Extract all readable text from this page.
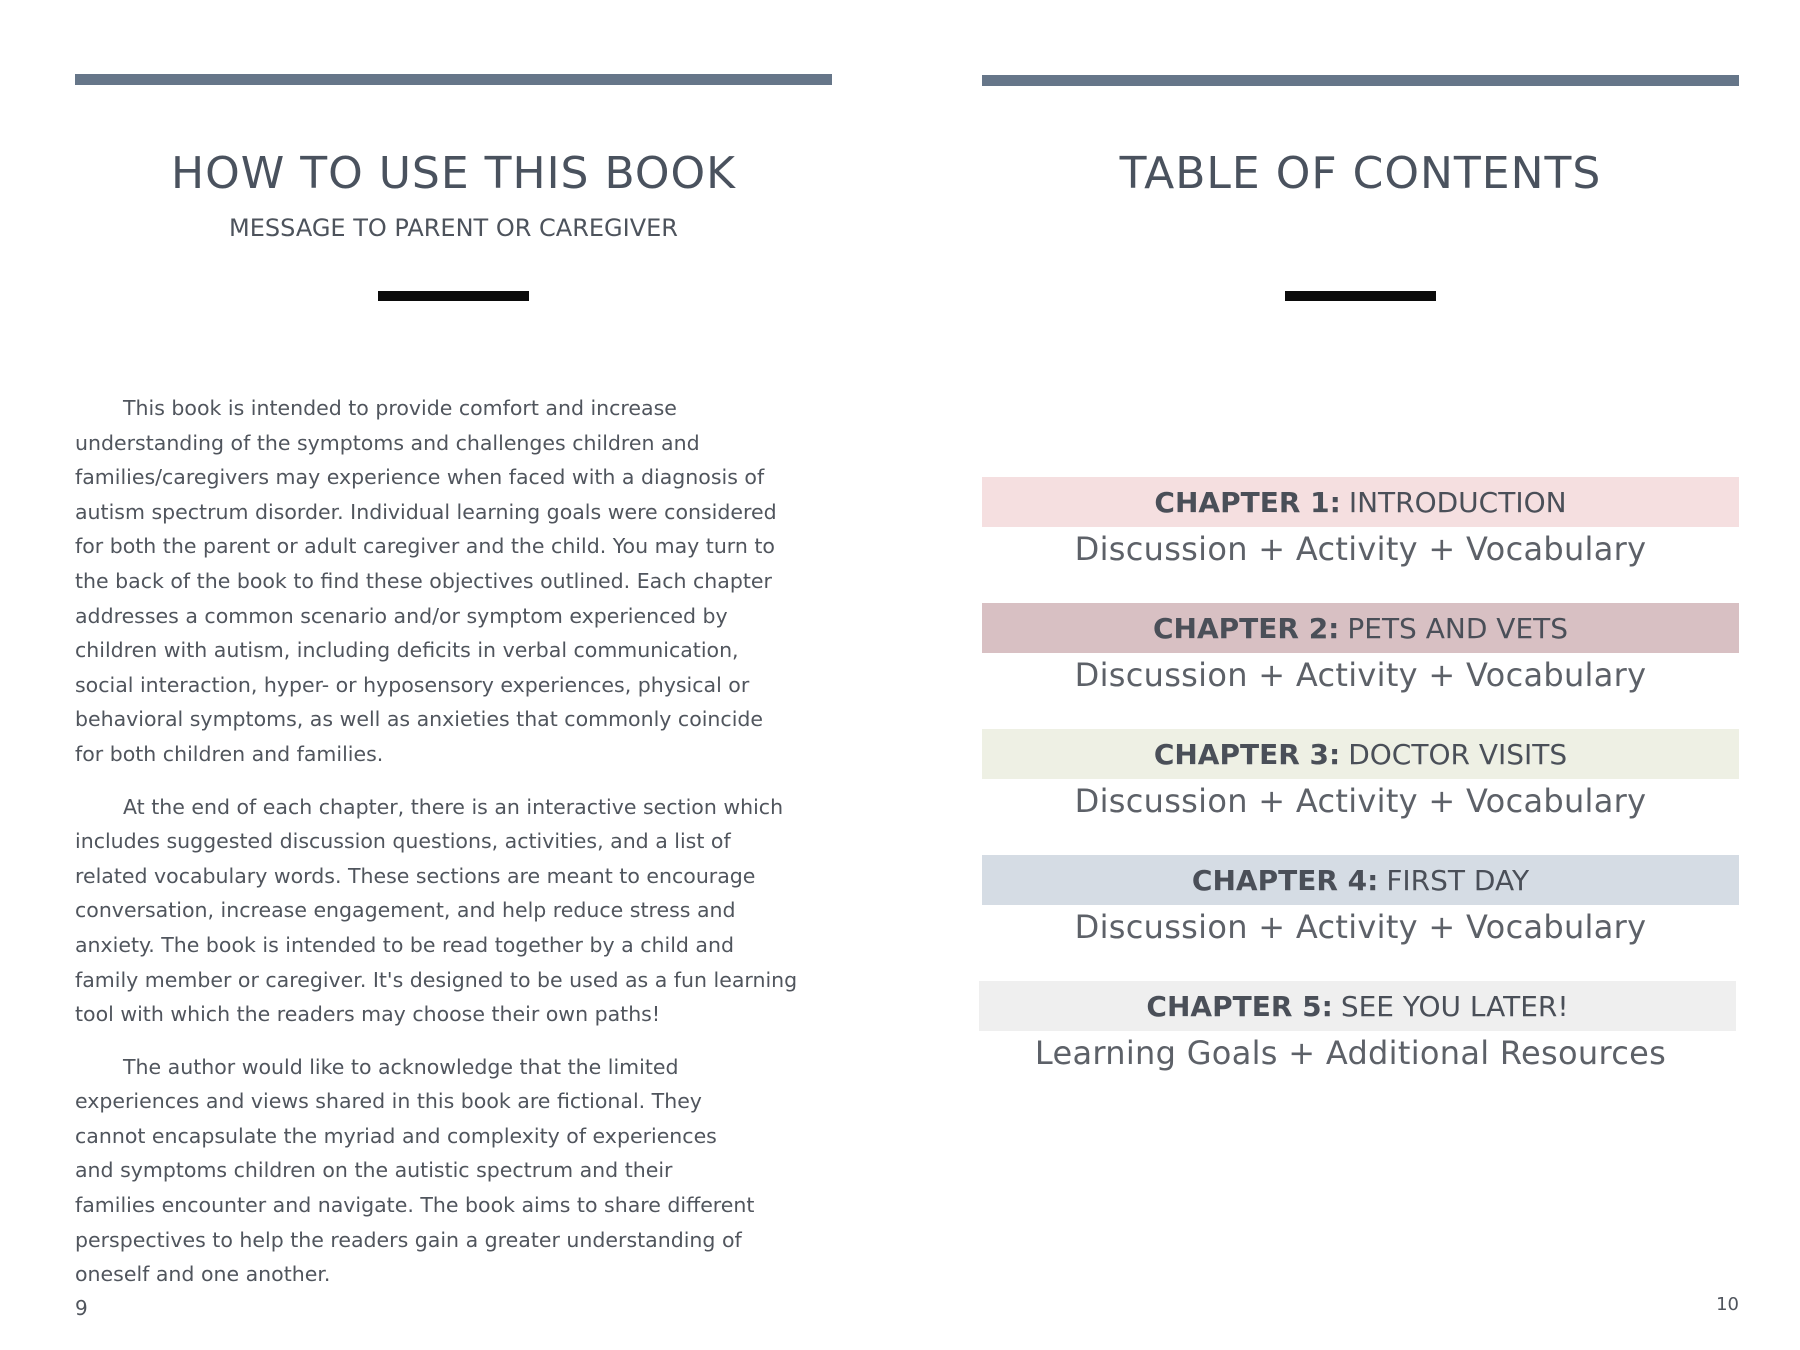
HOW TO USE THIS BOOK
MESSAGE TO PARENT OR CAREGIVER

This book is intended to provide comfort and increase
understanding of the symptoms and challenges children and
families/caregivers may experience when faced with a diagnosis of
autism spectrum disorder. Individual learning goals were considered
for both the parent or adult caregiver and the child. You may turn to
the back of the book to find these objectives outlined. Each chapter
addresses a common scenario and/or symptom experienced by
children with autism, including deficits in verbal communication,
social interaction, hyper- or hyposensory experiences, physical or
behavioral symptoms, as well as anxieties that commonly coincide
for both children and families.

At the end of each chapter, there is an interactive section which
includes suggested discussion questions, activities, and a list of
related vocabulary words. These sections are meant to encourage
conversation, increase engagement, and help reduce stress and
anxiety. The book is intended to be read together by a child and
family member or caregiver. It's designed to be used as a fun learning
tool with which the readers may choose their own paths!

The author would like to acknowledge that the limited
experiences and views shared in this book are fictional. They
cannot encapsulate the myriad and complexity of experiences
and symptoms children on the autistic spectrum and their
families encounter and navigate. The book aims to share different
perspectives to help the readers gain a greater understanding of
oneself and one another.

9
TABLE OF CONTENTS
CHAPTER 1: INTRODUCTION
Discussion + Activity + Vocabulary
CHAPTER 2: PETS AND VETS
Discussion + Activity + Vocabulary
CHAPTER 3: DOCTOR VISITS
Discussion + Activity + Vocabulary
CHAPTER 4: FIRST DAY
Discussion + Activity + Vocabulary
CHAPTER 5: SEE YOU LATER!
Learning Goals + Additional Resources
10
